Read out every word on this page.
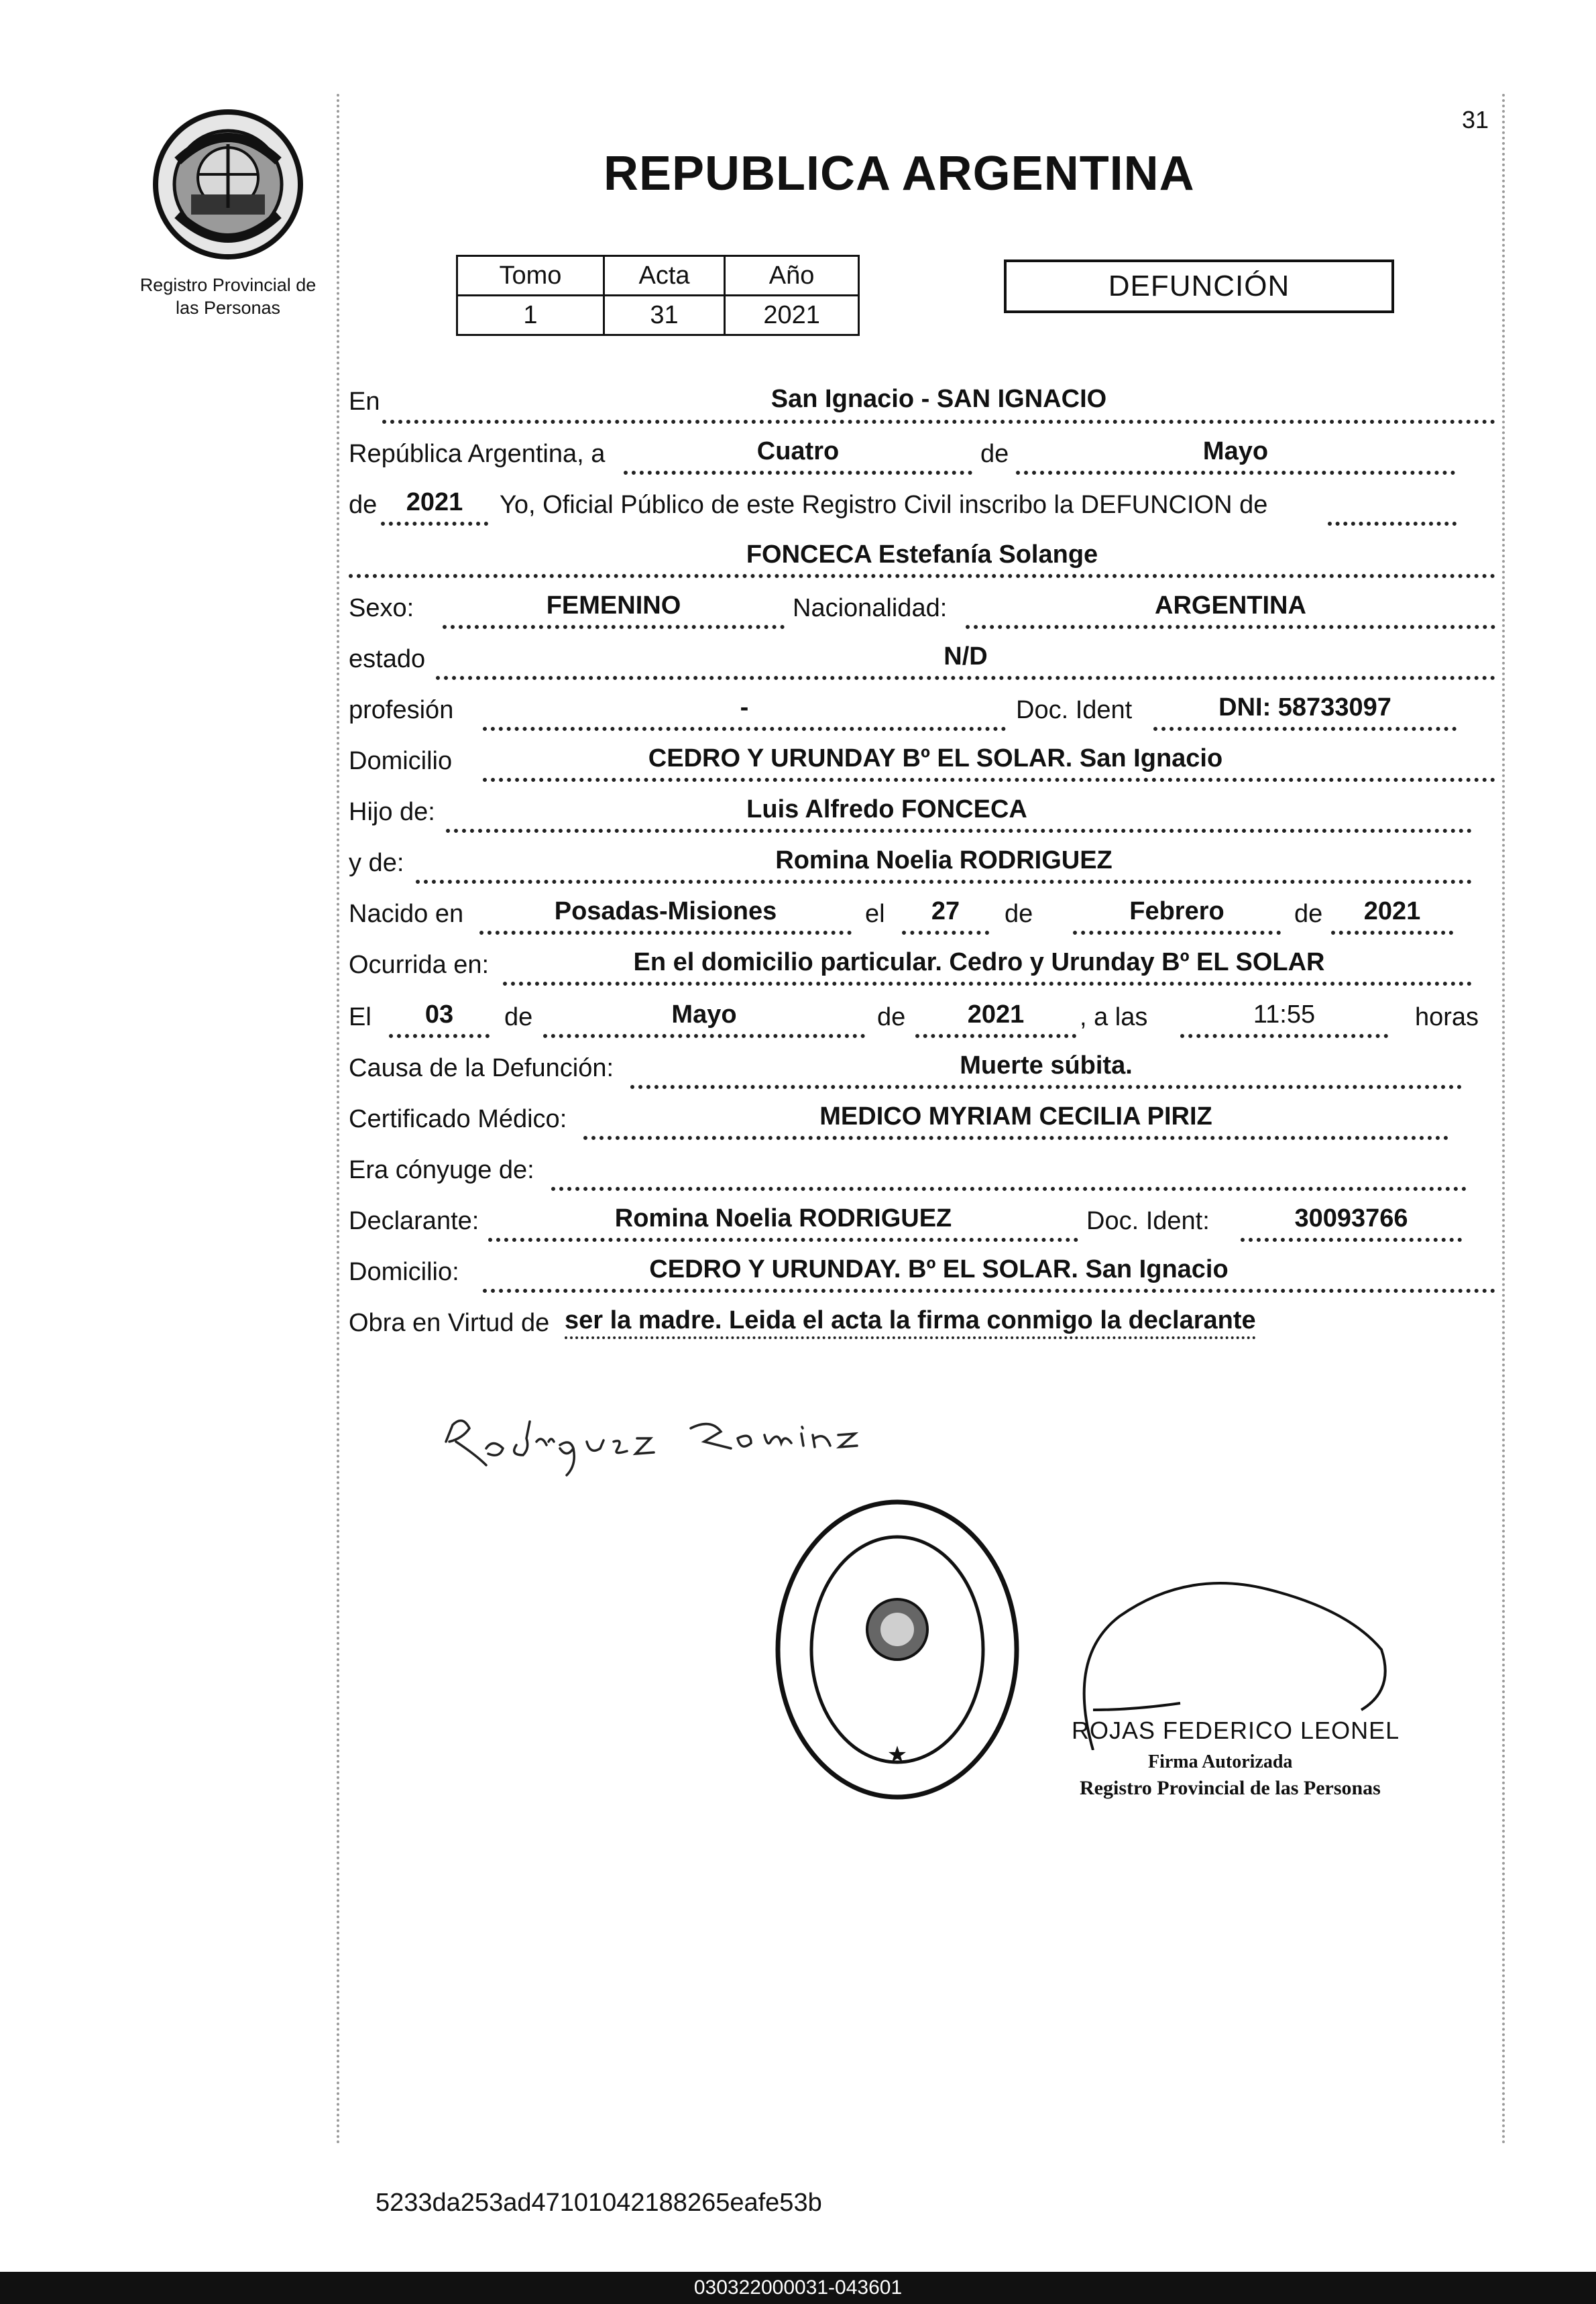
31
Registro Provincial de
las Personas
REPUBLICA ARGENTINA
Tomo	Acta	Año
1	31	2021
DEFUNCIÓN
En	San Ignacio - SAN IGNACIO
República Argentina, a	Cuatro	de	Mayo
de	2021	Yo, Oficial Público de este Registro Civil inscribo la DEFUNCION de
FONCECA Estefanía Solange
Sexo:	FEMENINO	Nacionalidad:	ARGENTINA
estado	N/D
profesión	-	Doc. Ident	DNI: 58733097
Domicilio	CEDRO Y URUNDAY Bº EL SOLAR. San Ignacio
Hijo de:	Luis Alfredo FONCECA
y de:	Romina Noelia RODRIGUEZ
Nacido en	Posadas-Misiones	el	27	de	Febrero	de	2021
Ocurrida en:	En el domicilio particular. Cedro y Urunday Bº EL SOLAR
El	03	de	Mayo	de	2021	, a las	11:55	horas
Causa de la Defunción:	Muerte súbita.
Certificado Médico:	MEDICO MYRIAM CECILIA PIRIZ
Era cónyuge de:
Declarante:	Romina Noelia RODRIGUEZ	Doc. Ident:	30093766
Domicilio:	CEDRO Y URUNDAY. Bº EL SOLAR. San Ignacio
Obra en Virtud de ser la madre. Leida el acta la firma conmigo la declarante
★
ROJAS FEDERICO LEONEL
Firma Autorizada
Registro Provincial de las Personas
5233da253ad47101042188265eafe53b
030322000031-043601
